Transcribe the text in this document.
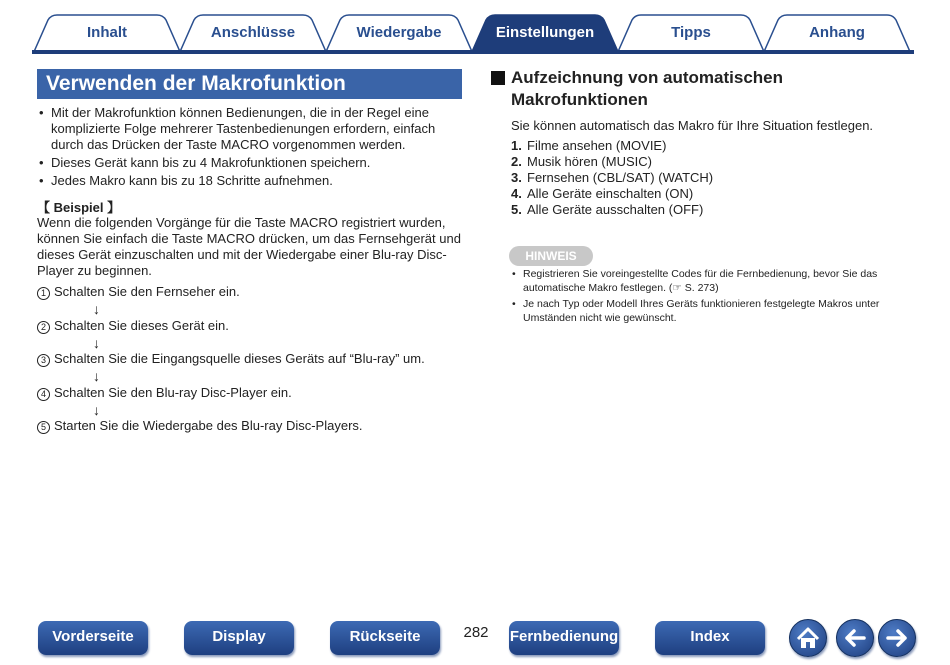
Inhalt	Anschlüsse	Wiedergabe	Einstellungen	Tipps	Anhang
Verwenden der Makrofunktion
• Mit der Makrofunktion können Bedienungen, die in der Regel eine komplizierte Folge mehrerer Tastenbedienungen erfordern, einfach durch das Drücken der Taste MACRO vorgenommen werden.
• Dieses Gerät kann bis zu 4 Makrofunktionen speichern.
• Jedes Makro kann bis zu 18 Schritte aufnehmen.
【 Beispiel 】
Wenn die folgenden Vorgänge für die Taste MACRO registriert wurden, können Sie einfach die Taste MACRO drücken, um das Fernsehgerät und dieses Gerät einzuschalten und mit der Wiedergabe einer Blu-ray Disc-Player zu beginnen.
1 Schalten Sie den Fernseher ein.
↓
2 Schalten Sie dieses Gerät ein.
↓
3 Schalten Sie die Eingangsquelle dieses Geräts auf “Blu-ray” um.
↓
4 Schalten Sie den Blu-ray Disc-Player ein.
↓
5 Starten Sie die Wiedergabe des Blu-ray Disc-Players.
Aufzeichnung von automatischen
Makrofunktionen
Sie können automatisch das Makro für Ihre Situation festlegen.
1. Filme ansehen (MOVIE)
2. Musik hören (MUSIC)
3. Fernsehen (CBL/SAT) (WATCH)
4. Alle Geräte einschalten (ON)
5. Alle Geräte ausschalten (OFF)
HINWEIS
• Registrieren Sie voreingestellte Codes für die Fernbedienung, bevor Sie das automatische Makro festlegen. (☞ S. 273)
• Je nach Typ oder Modell Ihres Geräts funktionieren festgelegte Makros unter Umständen nicht wie gewünscht.
Vorderseite	Display	Rückseite	282	Fernbedienung	Index
